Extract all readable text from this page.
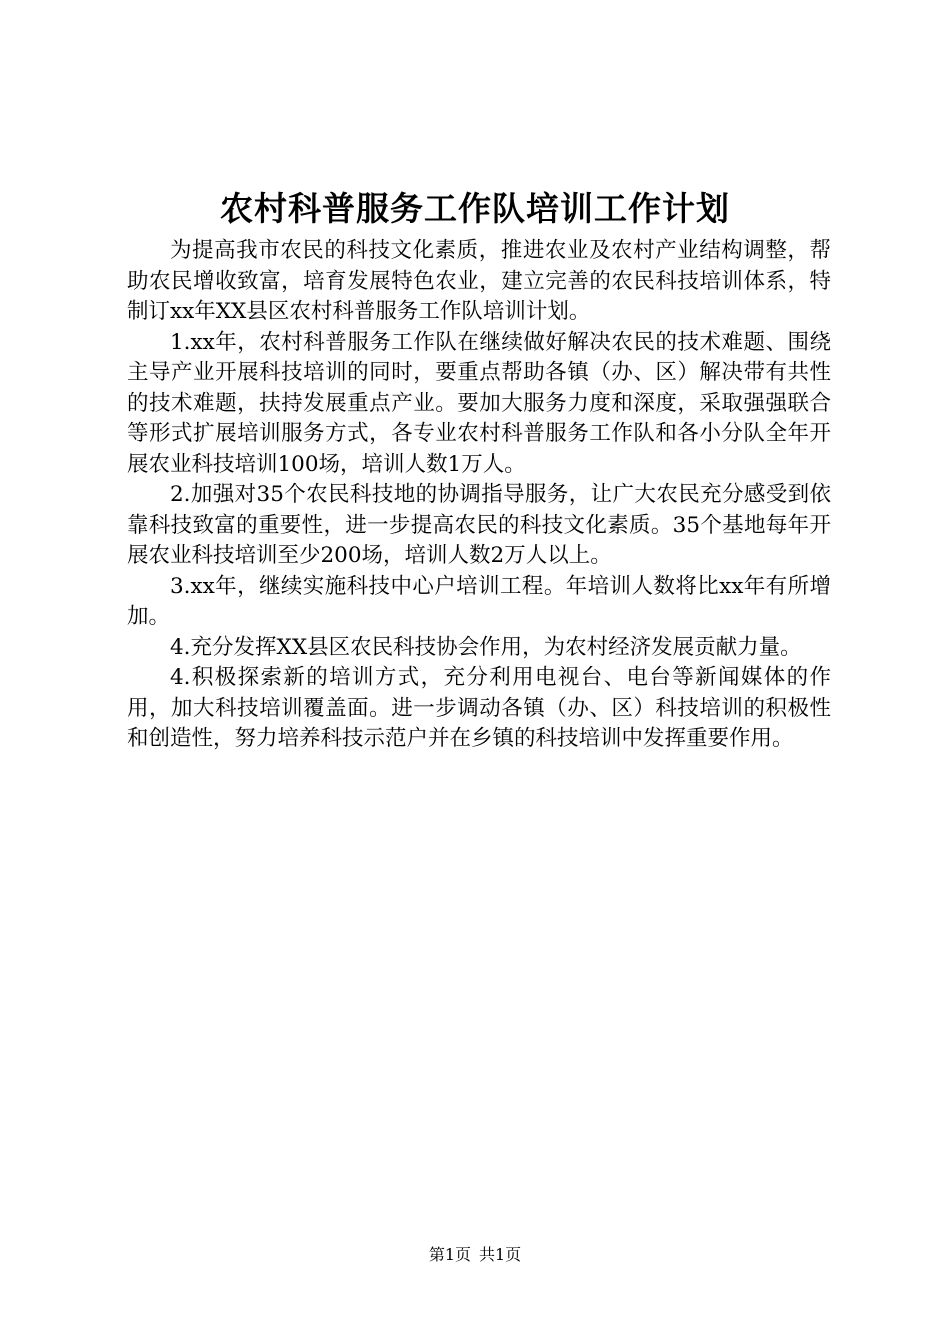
农村科普服务工作队培训工作计划

为提高我市农民的科技文化素质，推进农业及农村产业结构调整，帮助农民增收致富，培育发展特色农业，建立完善的农民科技培训体系，特制订xx年XX县区农村科普服务工作队培训计划。

1.xx年，农村科普服务工作队在继续做好解决农民的技术难题、围绕主导产业开展科技培训的同时，要重点帮助各镇（办、区）解决带有共性的技术难题，扶持发展重点产业。要加大服务力度和深度，采取强强联合等形式扩展培训服务方式，各专业农村科普服务工作队和各小分队全年开展农业科技培训100场，培训人数1万人。

2.加强对35个农民科技地的协调指导服务，让广大农民充分感受到依靠科技致富的重要性，进一步提高农民的科技文化素质。35个基地每年开展农业科技培训至少200场，培训人数2万人以上。

3.xx年，继续实施科技中心户培训工程。年培训人数将比xx年有所增加。

4.充分发挥XX县区农民科技协会作用，为农村经济发展贡献力量。

4.积极探索新的培训方式，充分利用电视台、电台等新闻媒体的作用，加大科技培训覆盖面。进一步调动各镇（办、区）科技培训的积极性和创造性，努力培养科技示范户并在乡镇的科技培训中发挥重要作用。

第1页 共1页
